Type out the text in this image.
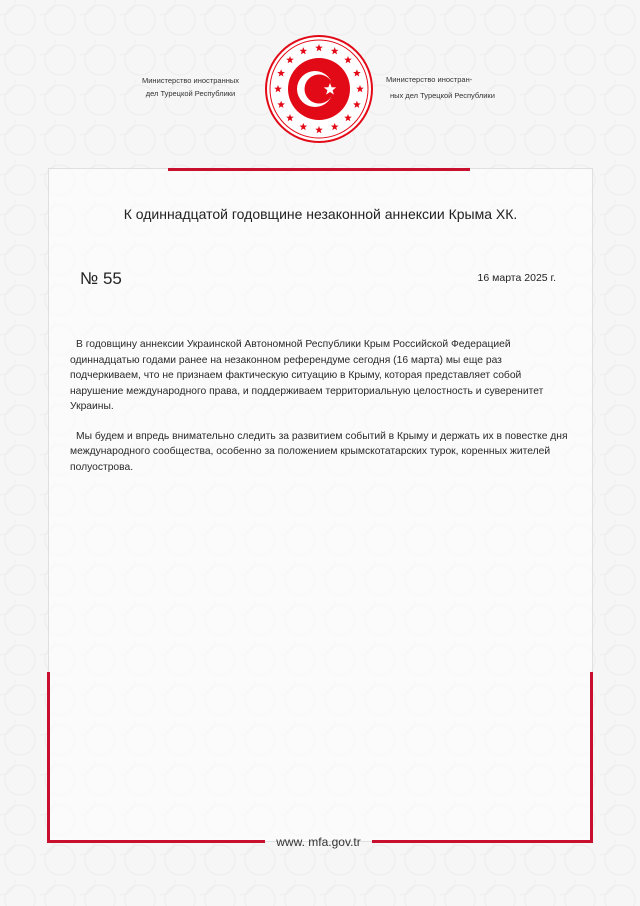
Министерство иностранных
дел Турецкой Республики
Министерство иностран-
ных дел Турецкой Республики
К одиннадцатой годовщине незаконной аннексии Крыма ХК.
№ 55	16 марта 2025 г.

В годовщину аннексии Украинской Автономной Республики Крым Российской Федерацией одиннадцатью годами ранее на незаконном референдуме сегодня (16 марта) мы еще раз подчеркиваем, что не признаем фактическую ситуацию в Крыму, которая представляет собой нарушение международного права, и поддерживаем территориальную целостность и суверенитет Украины.

Мы будем и впредь внимательно следить за развитием событий в Крыму и держать их в повестке дня международного сообщества, особенно за положением крымскотатарских турок, коренных жителей полуострова.

www. mfa.gov.tr
